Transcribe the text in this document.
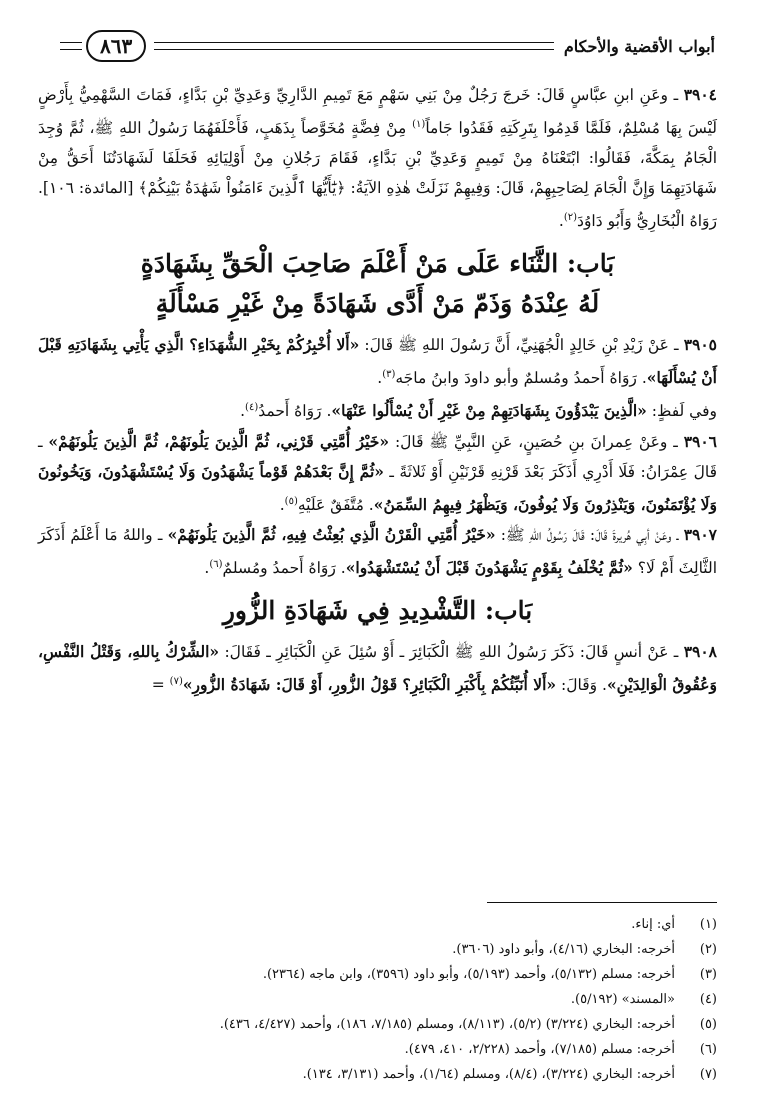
أبواب الأقضية والأحكام
٨٦٣

٣٩٠٤ ـ وعَنِ ابنِ عبَّاسٍ قَالَ: خَرجَ رَجُلٌ مِنْ بَنِي سَهْمٍ مَعَ تَمِيمِ الدَّارِيِّ وَعَدِيِّ بْنِ بَدَّاءٍ، فَمَاتَ السَّهْمِيُّ بِأَرْضٍ لَيْسَ بِهَا مُسْلِمٌ، فَلَمَّا قَدِمُوا بِتَرِكَتِهِ فَقَدُوا جَاماً$^{(١)}$ مِنْ فِضَّةٍ مُخَوَّصاً بِذَهَبٍ، فَأَحْلَفَهُمَا رَسُولُ اللهِ ﷺ، ثُمَّ وُجِدَ الْجَامُ بِمَكَّةَ، فَقَالُوا: ابْتَعْنَاهُ مِنْ تَمِيمٍ وَعَدِيِّ بْنِ بَدَّاءٍ، فَقَامَ رَجُلانِ مِنْ أَوْلِيَائِهِ فَحَلَفَا لَشَهَادَتُنَا أَحَقُّ مِنْ شَهَادَتِهِمَا وَإِنَّ الْجَامَ لِصَاحِبِهِمْ، قَالَ: وَفِيهِمْ نَزَلَتْ هٰذِهِ الآيَةُ: ﴿يَٰٓأَيُّهَا ٱلَّذِينَ ءَامَنُواْ شَهَٰدَةُ بَيْنِكُمْ﴾ [المائدة: ١٠٦]. رَوَاهُ الْبُخَارِيُّ وَأَبُو دَاوُدَ$^{(٢)}$.

بَاب: الثَّنَاء عَلَى مَنْ أَعْلَمَ صَاحِبَ الْحَقِّ بِشَهَادَةٍ
لَهُ عِنْدَهُ وَذَمّ مَنْ أَدَّى شَهَادَةً مِنْ غَيْرِ مَسْأَلَةٍ

٣٩٠٥ ـ عَنْ زَيْدِ بْنِ خَالِدٍ الْجُهَنِيِّ، أَنَّ رَسُولَ اللهِ ﷺ قَالَ: «أَلا أُخْبِرُكُمْ بِخَيْرِ الشُّهَدَاءِ؟ الَّذِي يَأْتِي بِشَهَادَتِهِ قَبْلَ أَنْ يُسْأَلَهَا». رَوَاهُ أَحمدُ ومُسلمٌ وأبو داودَ وابنُ ماجَه$^{(٣)}$.

وفي لَفظٍ: «الَّذِينَ يَبْدَؤُونَ بِشَهَادَتِهِمْ مِنْ غَيْرِ أَنْ يُسْأَلُوا عَنْهَا». رَوَاهُ أَحمدُ$^{(٤)}$.

٣٩٠٦ ـ وعَنْ عِمرانَ بنِ حُصَينٍ، عَنِ النَّبِيِّ ﷺ قَالَ: «خَيْرُ أُمَّتِي قَرْنِي، ثُمَّ الَّذِينَ يَلُونَهُمْ، ثُمَّ الَّذِينَ يَلُونَهُمْ» ـ قَالَ عِمْرَانُ: فَلَا أَدْرِي أَذَكَرَ بَعْدَ قَرْنِهِ قَرْنَيْنِ أَوْ ثَلاثَةً ـ «ثُمَّ إِنَّ بَعْدَهُمْ قَوْماً يَشْهَدُونَ وَلَا يُسْتَشْهَدُونَ، وَيَخُونُونَ وَلَا يُؤْتَمَنُونَ، وَيَنْذِرُونَ وَلَا يُوفُونَ، وَيَظْهَرُ فِيهِمُ السِّمَنُ». مُتَّفَقٌ عَلَيْهِ$^{(٥)}$.

٣٩٠٧ ـ وعَنْ أبِي هُريرةَ قَالَ: قَالَ رَسُولُ اللهِ ﷺ: «خَيْرُ أُمَّتِي الْقَرْنُ الَّذِي بُعِثْتُ فِيهِ، ثُمَّ الَّذِينَ يَلُونَهُمْ» ـ واللهُ مَا أَعْلَمُ أَذَكَرَ الثَّالِثَ أَمْ لَا؟ «ثُمَّ يُخْلَفُ بِقَوْمٍ يَشْهَدُونَ قَبْلَ أَنْ يُسْتَشْهَدُوا». رَوَاهُ أَحمدُ ومُسلمٌ$^{(٦)}$.

بَاب: التَّشْدِيدِ فِي شَهَادَةِ الزُّورِ

٣٩٠٨ ـ عَنْ أنسٍ قَالَ: ذَكَرَ رَسُولُ اللهِ ﷺ الْكَبَائِرَ ـ أَوْ سُئِلَ عَنِ الْكَبَائِرِ ـ فَقَالَ: «الشِّرْكُ بِاللهِ، وَقَتْلُ النَّفْسِ، وَعُقُوقُ الْوَالِدَيْنِ». وَقَالَ: «أَلا أُنَبِّئُكُمْ بِأَكْبَرِ الْكَبَائِرِ؟ قَوْلُ الزُّورِ، أَوْ قَالَ: شَهَادَةُ الزُّورِ»$^{(٧)}$ =

(١)
أي: إناء.
(٢)
أخرجه: البخاري (٤/١٦)، وأبو داود (٣٦٠٦).
(٣)
أخرجه: مسلم (٥/١٣٢)، وأحمد (٥/١٩٣)، وأبو داود (٣٥٩٦)، وابن ماجه (٢٣٦٤).
(٤)
«المسند» (٥/١٩٢).
(٥)
أخرجه: البخاري (٣/٢٢٤) (٥/٢)، (٨/١١٣)، ومسلم (٧/١٨٥، ١٨٦)، وأحمد (٤/٤٢٧، ٤٣٦).
(٦)
أخرجه: مسلم (٧/١٨٥)، وأحمد (٢/٢٢٨، ٤١٠، ٤٧٩).
(٧)
أخرجه: البخاري (٣/٢٢٤)، (٨/٤)، ومسلم (١/٦٤)، وأحمد (٣/١٣١، ١٣٤).
